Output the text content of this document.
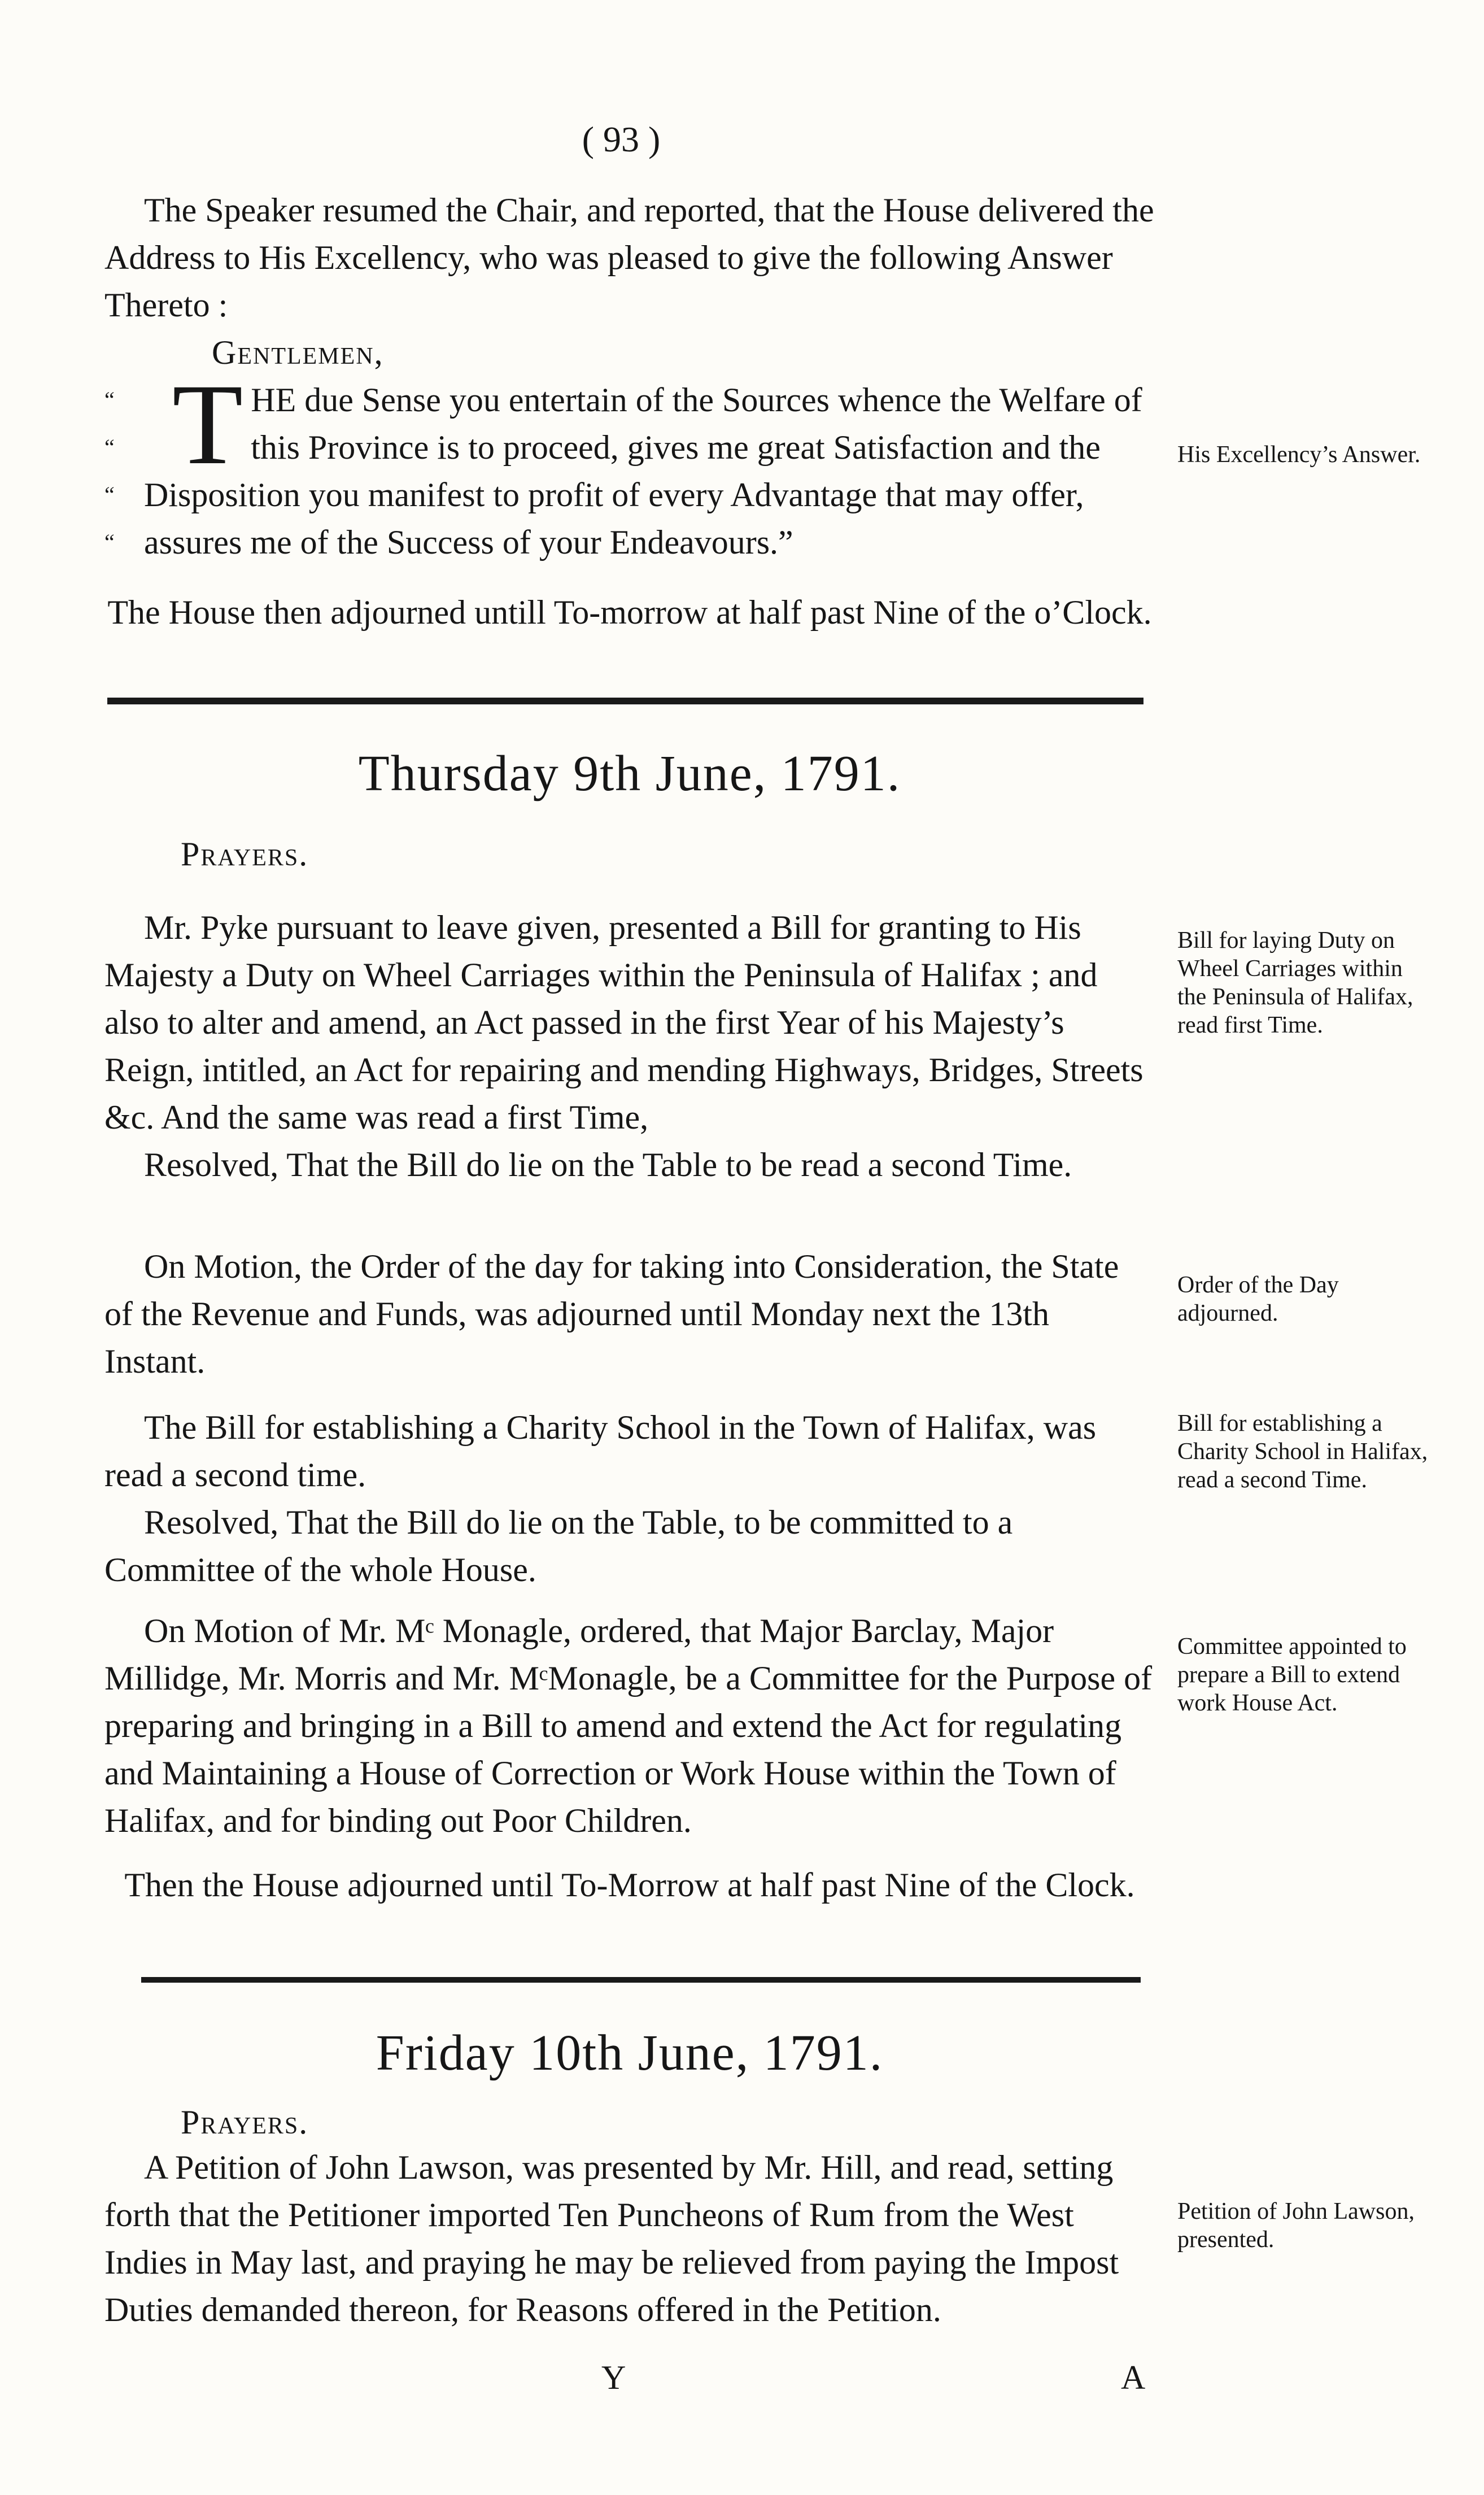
( 93 )

The Speaker resumed the Chair, and reported, that the House delivered the Address to His Excellency, who was pleased to give the following Answer Thereto :

Gentlemen,

“
“
“
“

THE due Sense you entertain of the Sources whence the Welfare of this Province is to proceed, gives me great Satisfaction and the Disposition you manifest to profit of every Advantage that may offer, assures me of the Success of your Endeavours.”

The House then adjourned untill To-morrow at half past Nine of the o’Clock.

His Excellency’s Answer.
Thursday 9th June, 1791.
Prayers.

Mr. Pyke pursuant to leave given, presented a Bill for granting to His Majesty a Duty on Wheel Carriages within the Peninsula of Halifax ; and also to alter and amend, an Act passed in the first Year of his Majesty’s Reign, intitled, an Act for repairing and mending Highways, Bridges, Streets &c. And the same was read a first Time,

Resolved, That the Bill do lie on the Table to be read a second Time.

Bill for laying Duty on Wheel Carriages within the Peninsula of Halifax, read first Time.

On Motion, the Order of the day for taking into Consideration, the State of the Revenue and Funds, was adjourned until Monday next the 13th Instant.

Order of the Day adjourned.

The Bill for establishing a Charity School in the Town of Halifax, was read a second time.

Resolved, That the Bill do lie on the Table, to be committed to a Committee of the whole House.

Bill for establishing a Charity School in Halifax, read a second Time.

On Motion of Mr. Mᶜ Monagle, ordered, that Major Barclay, Major Millidge, Mr. Morris and Mr. MᶜMonagle, be a Committee for the Purpose of preparing and bringing in a Bill to amend and extend the Act for regulating and Maintaining a House of Correction or Work House within the Town of Halifax, and for binding out Poor Children.

Committee appointed to prepare a Bill to extend work House Act.
Then the House adjourned until To-Morrow at half past Nine of the Clock.
Friday 10th June, 1791.
Prayers.

A Petition of John Lawson, was presented by Mr. Hill, and read, setting forth that the Petitioner imported Ten Puncheons of Rum from the West Indies in May last, and praying he may be relieved from paying the Impost Duties demanded thereon, for Reasons offered in the Petition.

Petition of John Lawson, presented.
Y	A
